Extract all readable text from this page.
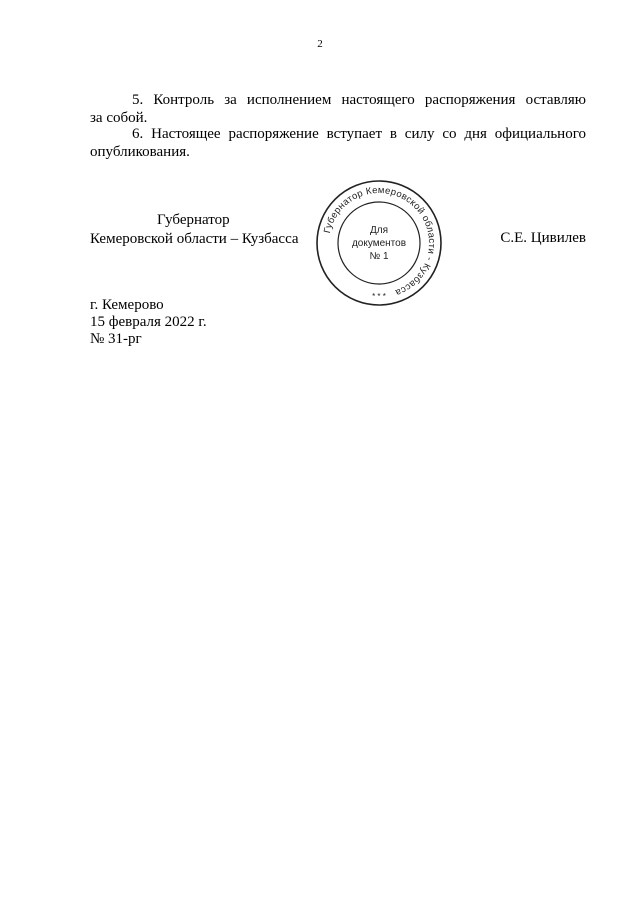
2
5. Контроль за исполнением настоящего распоряжения оставляю
за собой.
6. Настоящее распоряжение вступает в силу со дня официального
опубликования.
Губернатор
Кемеровской области – Кузбасса	С.Е. Цивилев
Губернатор Кемеровской области - Кузбасса
Для
документов
№ 1
* * *
г. Кемерово
15 февраля 2022 г.
№ 31-рг
